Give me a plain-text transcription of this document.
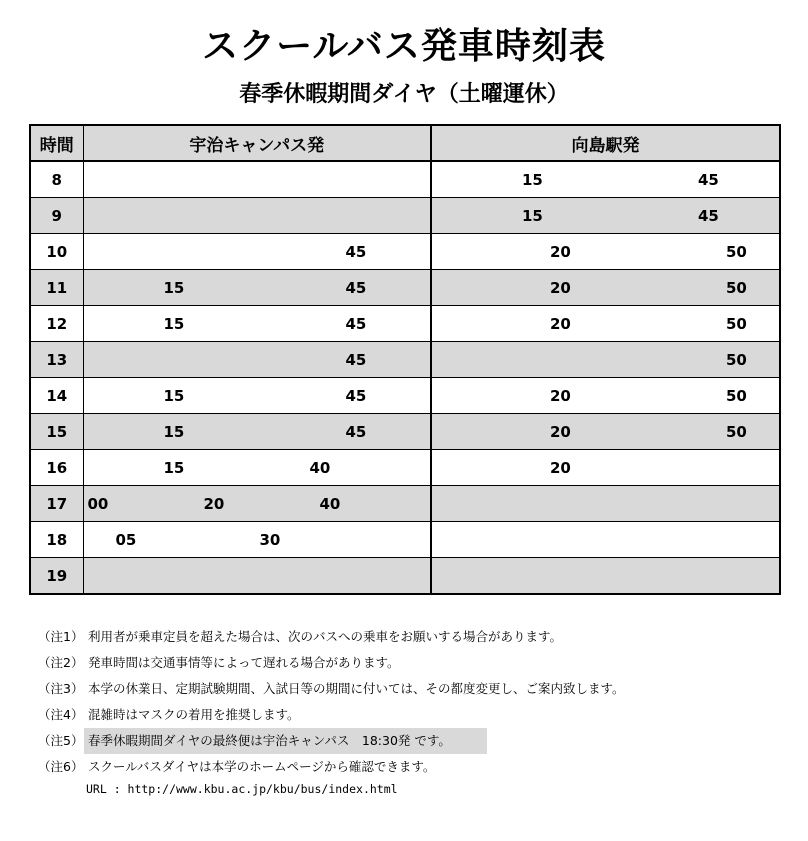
スクールバス発車時刻表
春季休暇期間ダイヤ（土曜運休）
時間	宇治キャンパス発	向島駅発
8		15 45

9		15 45

10	45	20 50

11	15 45	20 50

12	15 45	20 50

13	45	50

14	15 45	20 50

15	15 45	20 50

16	15 40	20

17	00 20 40	

18	05 30	

19	

（注1） 利用者が乗車定員を超えた場合は、次のバスへの乗車をお願いする場合があります。
（注2） 発車時間は交通事情等によって遅れる場合があります。
（注3） 本学の休業日、定期試験期間、入試日等の期間に付いては、その都度変更し、ご案内致します。
（注4） 混雑時はマスクの着用を推奨します。
（注5） 春季休暇期間ダイヤの最終便は宇治キャンパス　18:30発 です。
（注6） スクールバスダイヤは本学のホームページから確認できます。
URL : http://www.kbu.ac.jp/kbu/bus/index.html
